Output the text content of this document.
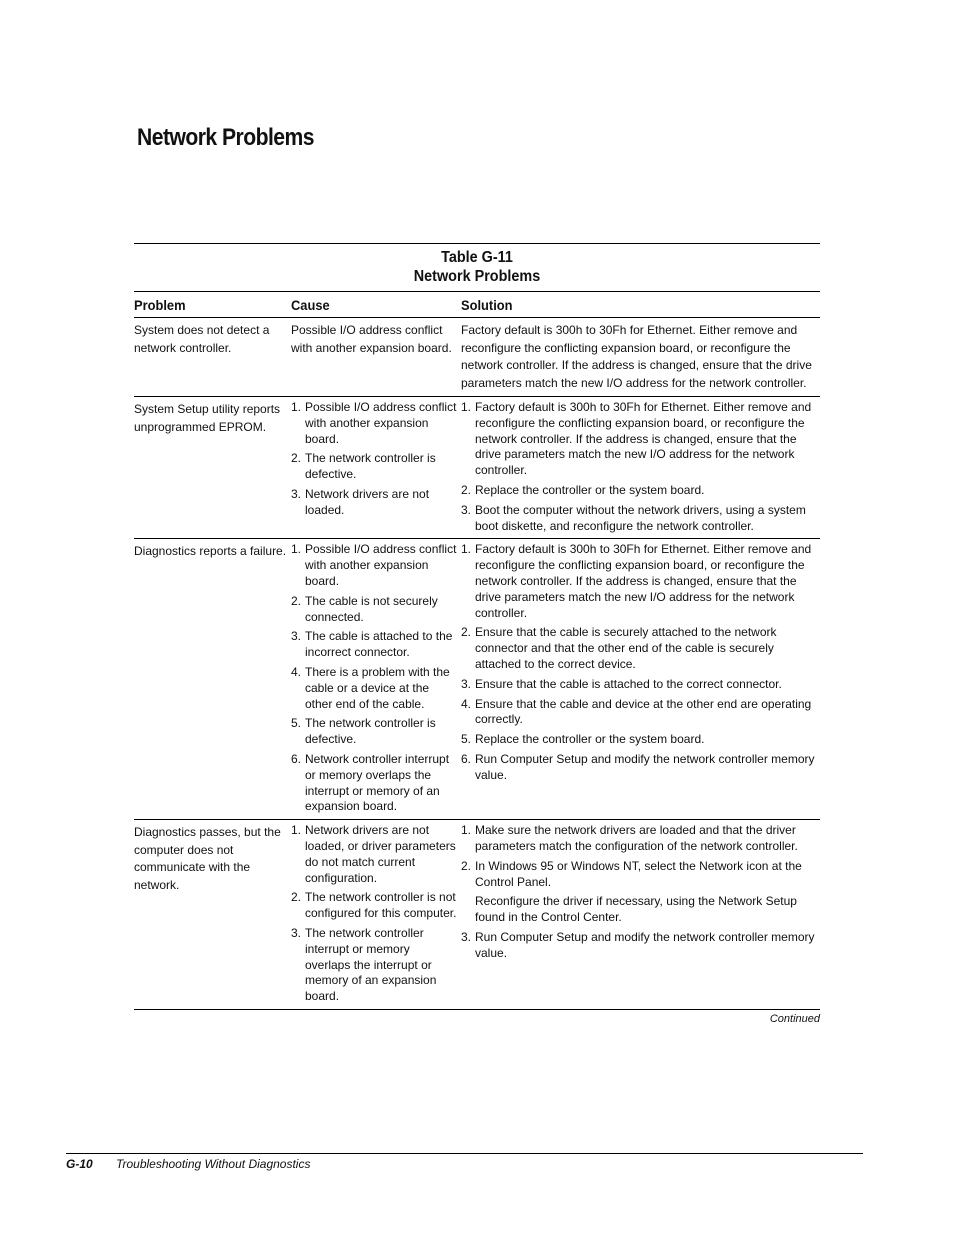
Network Problems
Table G-11
Network Problems
Problem	Cause	Solution
System does not detect a network controller.
Possible I/O address conflict with another expansion board.
Factory default is 300h to 30Fh for Ethernet. Either remove and reconfigure the conflicting expansion board, or reconfigure the network controller. If the address is changed, ensure that the drive parameters match the new I/O address for the network controller.
System Setup utility reports unprogrammed EPROM.
1. Possible I/O address conflict with another expansion board.
2. The network controller is defective.
3. Network drivers are not loaded.
1. Factory default is 300h to 30Fh for Ethernet. Either remove and reconfigure the conflicting expansion board, or reconfigure the network controller. If the address is changed, ensure that the drive parameters match the new I/O address for the network controller.
2. Replace the controller or the system board.
3. Boot the computer without the network drivers, using a system boot diskette, and reconfigure the network controller.
Diagnostics reports a failure. 1. Possible I/O address conflict with another expansion board.
2. The cable is not securely connected.
3. The cable is attached to the incorrect connector.
4. There is a problem with the cable or a device at the other end of the cable.
5. The network controller is defective.
6. Network controller interrupt or memory overlaps the interrupt or memory of an expansion board.
1. Factory default is 300h to 30Fh for Ethernet. Either remove and reconfigure the conflicting expansion board, or reconfigure the network controller. If the address is changed, ensure that the drive parameters match the new I/O address for the network controller.
2. Ensure that the cable is securely attached to the network connector and that the other end of the cable is securely attached to the correct device.
3. Ensure that the cable is attached to the correct connector.
4. Ensure that the cable and device at the other end are operating correctly.
5. Replace the controller or the system board.
6. Run Computer Setup and modify the network controller memory value.
Diagnostics passes, but the computer does not communicate with the network.
1. Network drivers are not loaded, or driver parameters do not match current configuration.
2. The network controller is not configured for this computer.
3. The network controller interrupt or memory overlaps the interrupt or memory of an expansion board.
1. Make sure the network drivers are loaded and that the driver parameters match the configuration of the network controller.
2. In Windows 95 or Windows NT, select the Network icon at the Control Panel.
Reconfigure the driver if necessary, using the Network Setup found in the Control Center.
3. Run Computer Setup and modify the network controller memory value.
Continued
G-10 Troubleshooting Without Diagnostics
